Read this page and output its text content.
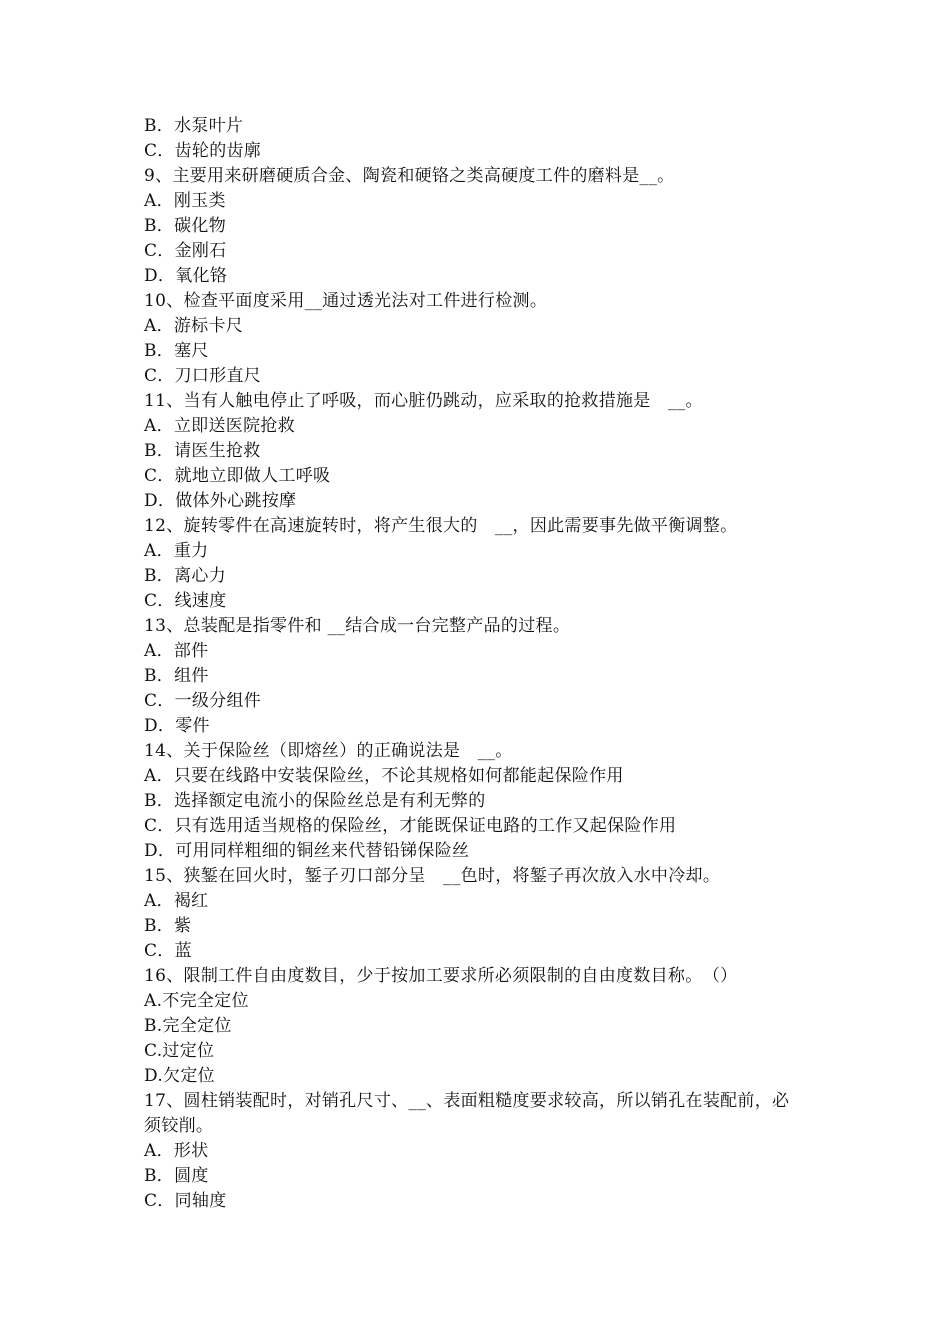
B．水泵叶片
C．齿轮的齿廓
9、主要用来研磨硬质合金、陶瓷和硬铬之类高硬度工件的磨料是__。
A．刚玉类
B．碳化物
C．金刚石
D．氧化铬
10、检查平面度采用__通过透光法对工件进行检测。
A．游标卡尺
B．塞尺
C．刀口形直尺
11、当有人触电停止了呼吸，而心脏仍跳动，应采取的抢救措施是　__。
A．立即送医院抢救
B．请医生抢救
C．就地立即做人工呼吸
D．做体外心跳按摩
12、旋转零件在高速旋转时，将产生很大的　__，因此需要事先做平衡调整。
A．重力
B．离心力
C．线速度
13、总装配是指零件和 __结合成一台完整产品的过程。
A．部件
B．组件
C．一级分组件
D．零件
14、关于保险丝（即熔丝）的正确说法是　__。
A．只要在线路中安装保险丝，不论其规格如何都能起保险作用
B．选择额定电流小的保险丝总是有利无弊的
C．只有选用适当规格的保险丝，才能既保证电路的工作又起保险作用
D．可用同样粗细的铜丝来代替铅锑保险丝
15、狭錾在回火时，錾子刃口部分呈　__色时，将錾子再次放入水中冷却。
A．褐红
B．紫
C．蓝
16、限制工件自由度数目，少于按加工要求所必须限制的自由度数目称。　（）
A.不完全定位
B.完全定位
C.过定位
D.欠定位
17、圆柱销装配时，对销孔尺寸、__、表面粗糙度要求较高，所以销孔在装配前，必须铰削。
A．形状
B．圆度
C．同轴度
